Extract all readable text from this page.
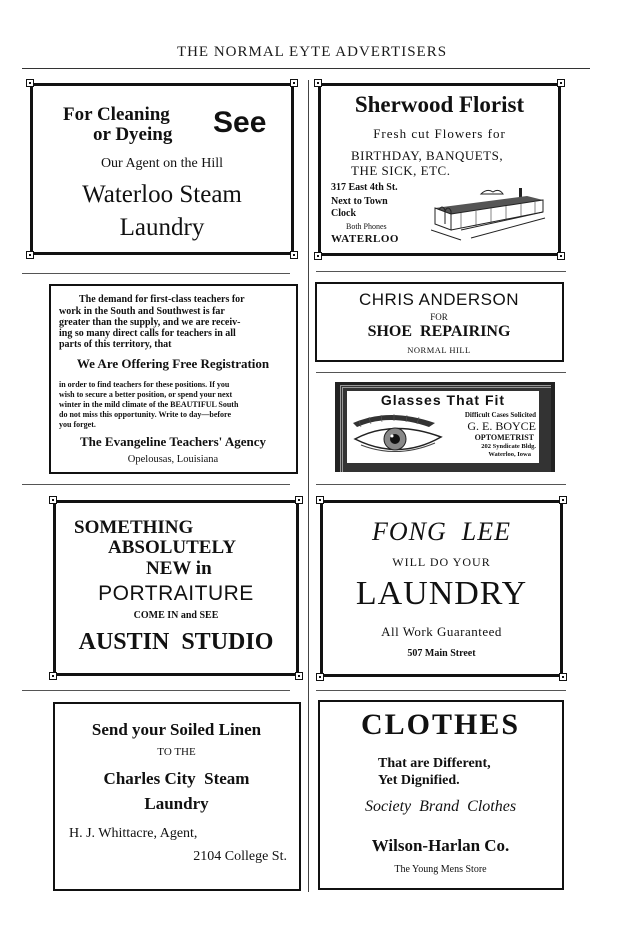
THE NORMAL EYTE ADVERTISERS
For Cleaning
or Dyeing See
Our Agent on the Hill
Waterloo Steam
Laundry
Sherwood Florist
Fresh cut Flowers for
BIRTHDAY, BANQUETS,
THE SICK, ETC.
317 East 4th St.
Next to Town
Clock
Both Phones
WATERLOO
The demand for first-class teachers for
work in the South and Southwest is far
greater than the supply, and we are receiv-
ing so many direct calls for teachers in all
parts of this territory, that
We Are Offering Free Registration
in order to find teachers for these positions. If you
wish to secure a better position, or spend your next
winter in the mild climate of the BEAUTIFUL South
do not miss this opportunity. Write to day—before
you forget.
The Evangeline Teachers' Agency
Opelousas, Louisiana
CHRIS ANDERSON
FOR
SHOE  REPAIRING
NORMAL HILL
Glasses That Fit
Difficult Cases Solicited
G. E. BOYCE
OPTOMETRIST
202 Syndicate Bldg.
Waterloo, Iowa
SOMETHING
ABSOLUTELY
NEW in
PORTRAITURE
COME IN and SEE
AUSTIN  STUDIO
FONG  LEE
WILL DO YOUR
LAUNDRY
All Work Guaranteed
507 Main Street
Send your Soiled Linen
TO THE
Charles City  Steam
Laundry
H. J. Whittacre, Agent,
2104 College St.
CLOTHES
That are Different,
Yet Dignified.
Society  Brand  Clothes
Wilson-Harlan Co.
The Young Mens Store
